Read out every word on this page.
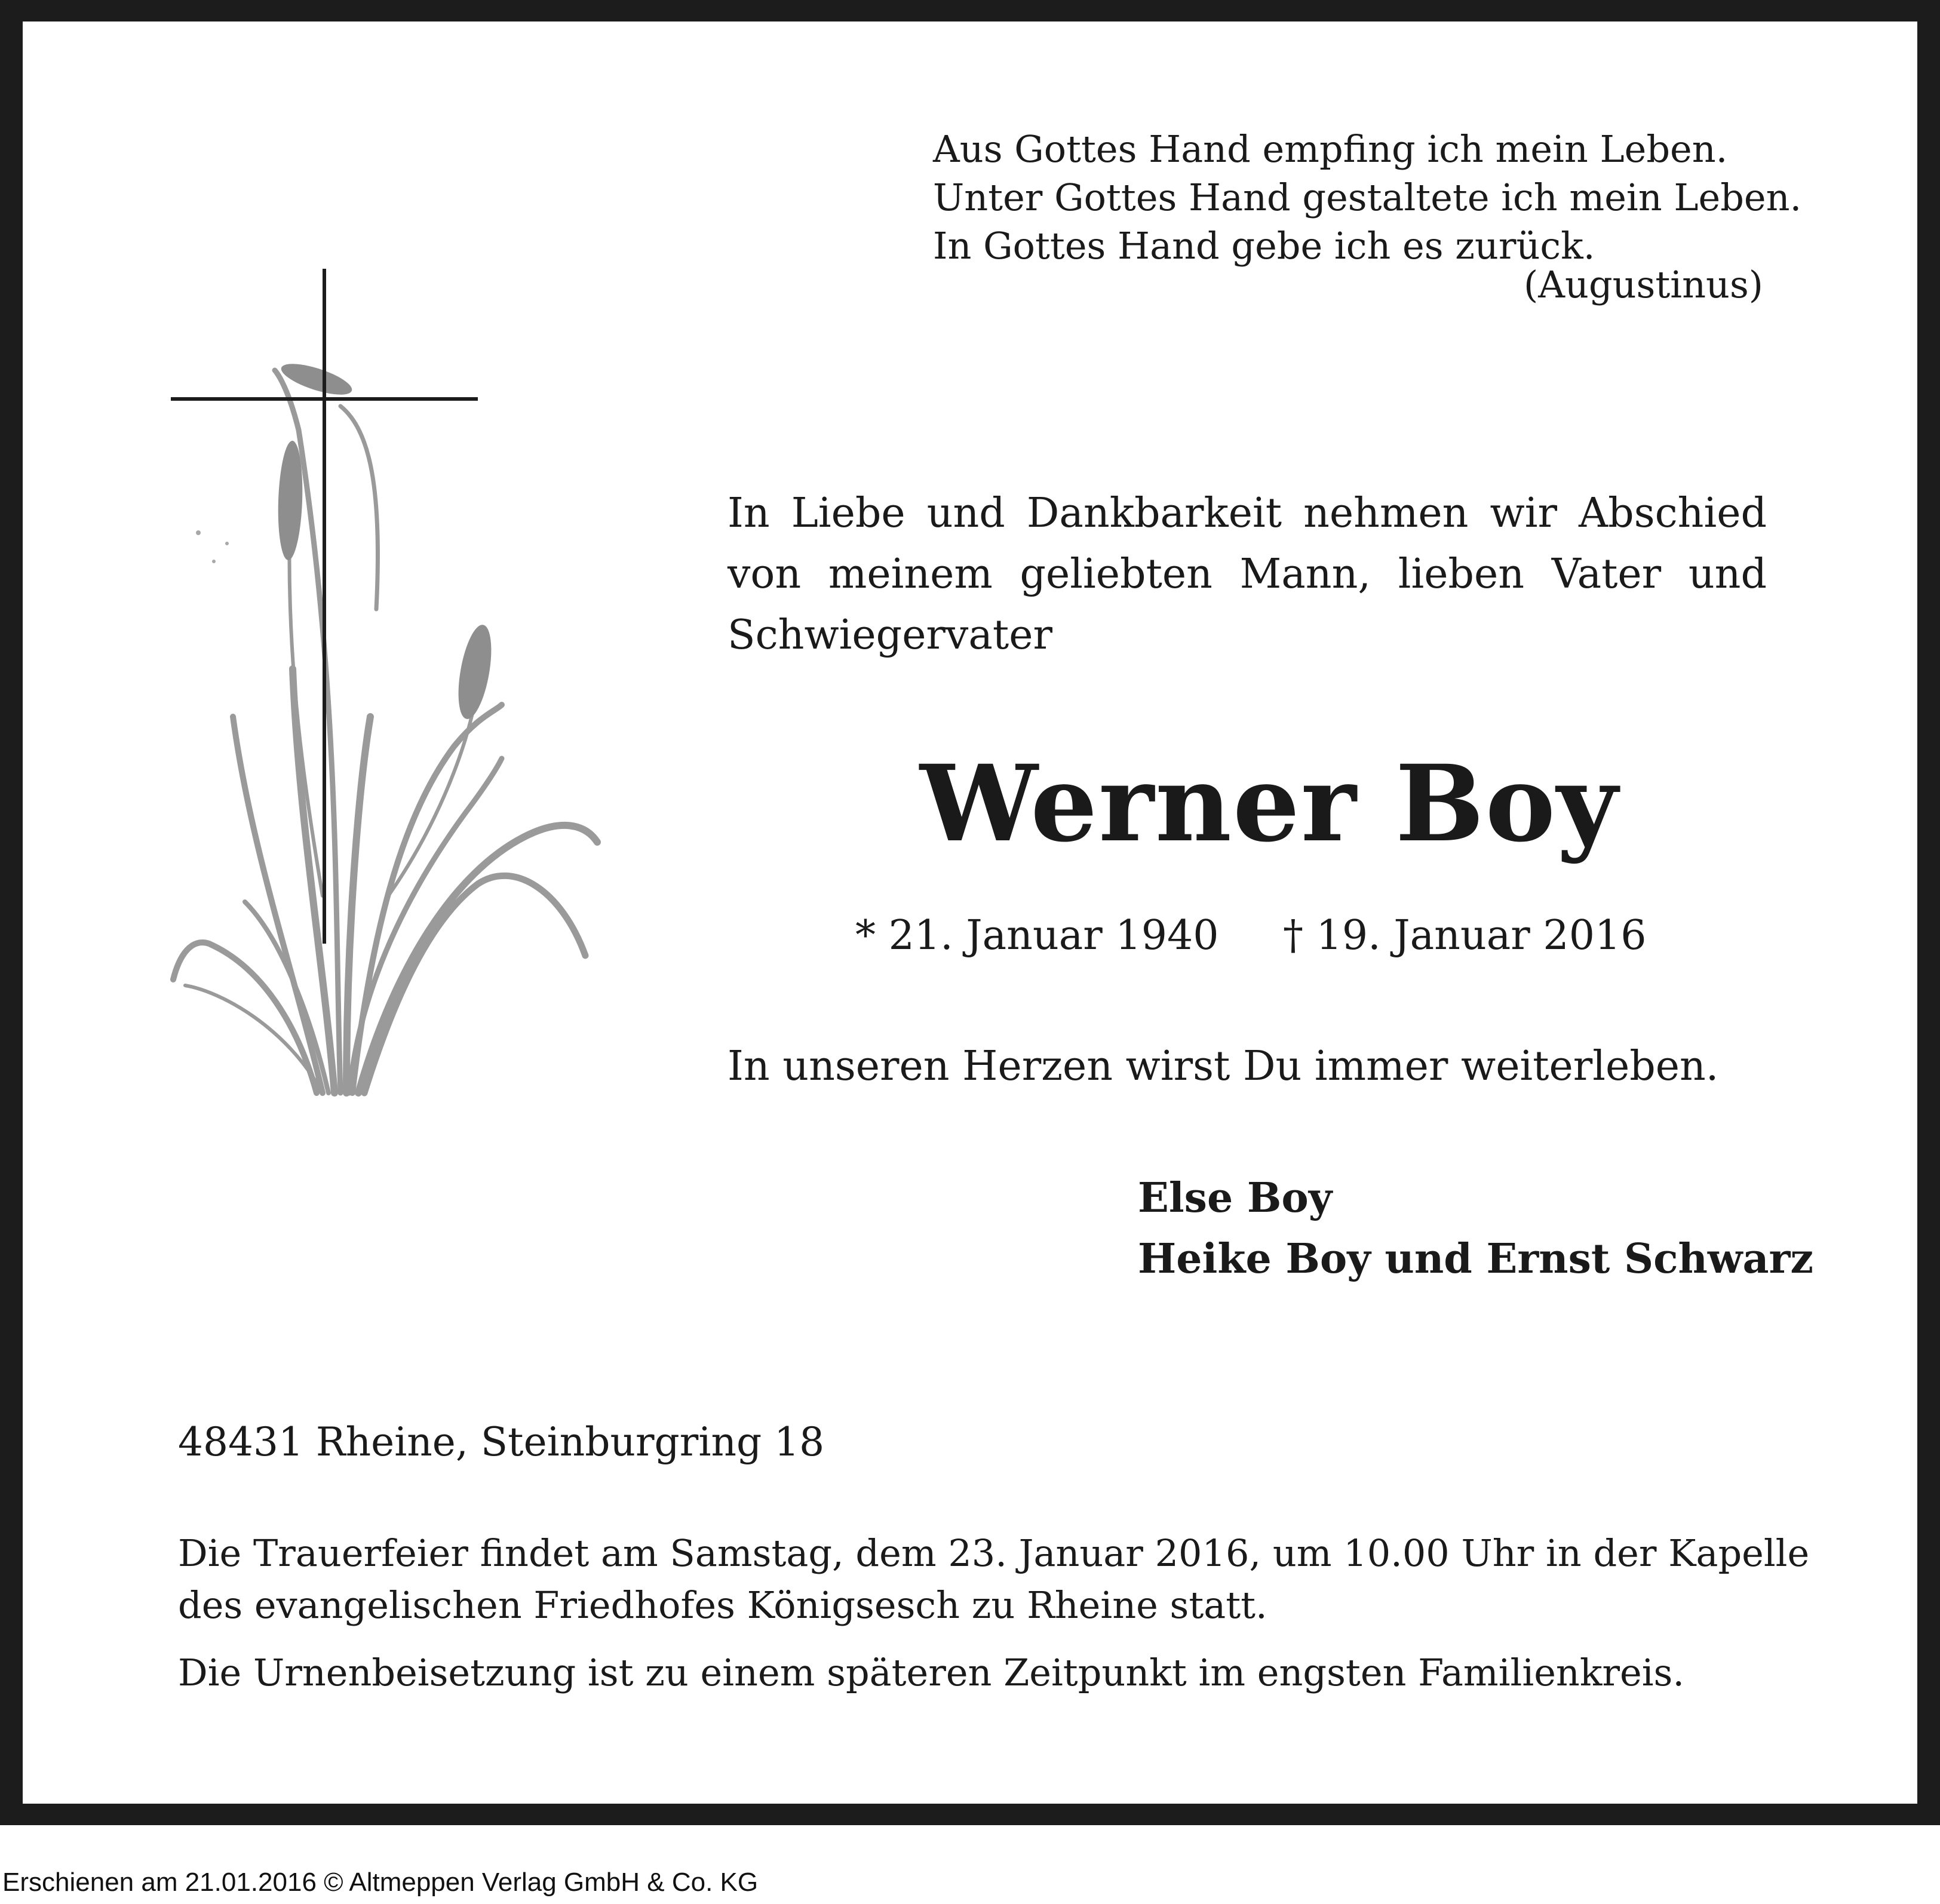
Aus Gottes Hand empfing ich mein Leben.

Unter Gottes Hand gestaltete ich mein Leben.

In Gottes Hand gebe ich es zurück.

(Augustinus)

In Liebe und Dankbarkeit nehmen wir Abschied
von meinem geliebten Mann, lieben Vater und
Schwiegervater
Werner Boy
* 21. Januar 1940 † 19. Januar 2016
In unseren Herzen wirst Du immer weiterleben.
Else Boy
Heike Boy und Ernst Schwarz
48431 Rheine, Steinburgring 18
Die Trauerfeier findet am Samstag, dem 23. Januar 2016, um 10.00 Uhr in der Kapelle
des evangelischen Friedhofes Königsesch zu Rheine statt.
Die Urnenbeisetzung ist zu einem späteren Zeitpunkt im engsten Familienkreis.
Erschienen am 21.01.2016 © Altmeppen Verlag GmbH & Co. KG
